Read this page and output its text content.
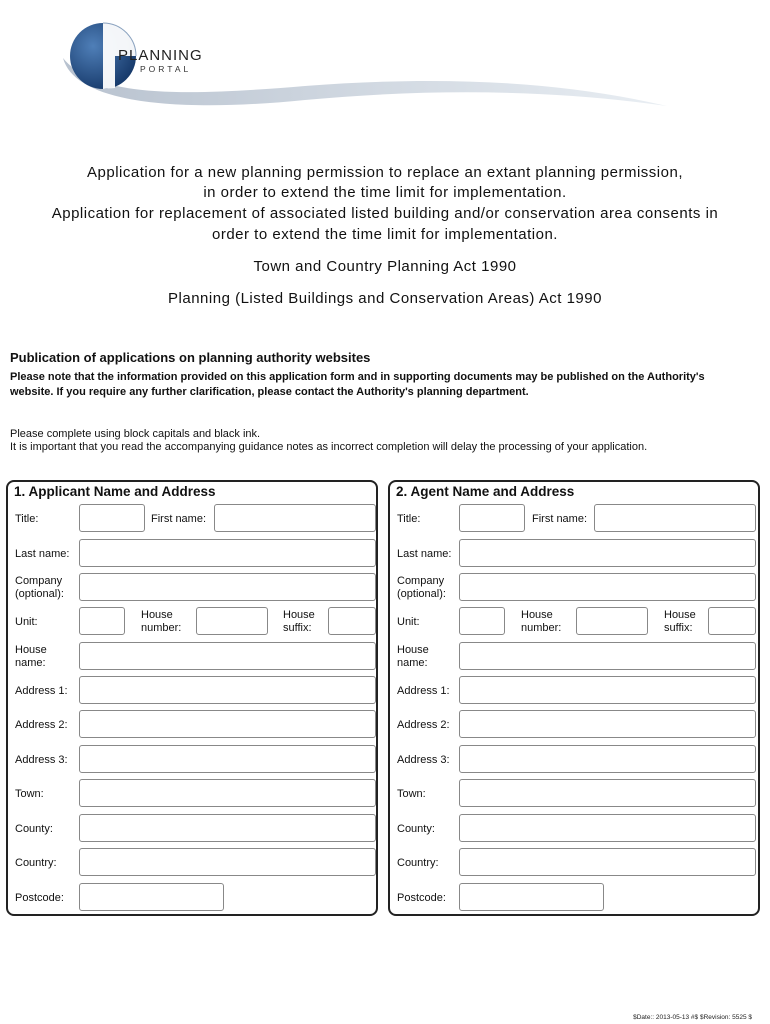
PLANNING
PORTAL
Application for a new planning permission to replace an extant planning permission,
in order to extend the time limit for implementation.
Application for replacement of associated listed building and/or conservation area consents in
order to extend the time limit for implementation.
Town and Country Planning Act 1990
Planning (Listed Buildings and Conservation Areas) Act 1990
Publication of applications on planning authority websites
Please note that the information provided on this application form and in supporting documents may be published on the Authority's website. If you require any further clarification, please contact the Authority's planning department.
Please complete using block capitals and black ink.
It is important that you read the accompanying guidance notes as incorrect completion will delay the processing of your application.
1. Applicant Name and Address
Title:	First name:
Last name:
Company
(optional):
Unit:
House
number:
House
suffix:
House
name:
Address 1:
Address 2:
Address 3:
Town:
County:
Country:
Postcode:
2. Agent Name and Address
Title:	First name:
Last name:
Company
(optional):
Unit:
House
number:
House
suffix:
House
name:
Address 1:
Address 2:
Address 3:
Town:
County:
Country:
Postcode:
$Date:: 2013-05-13 #$ $Revision: 5525 $
